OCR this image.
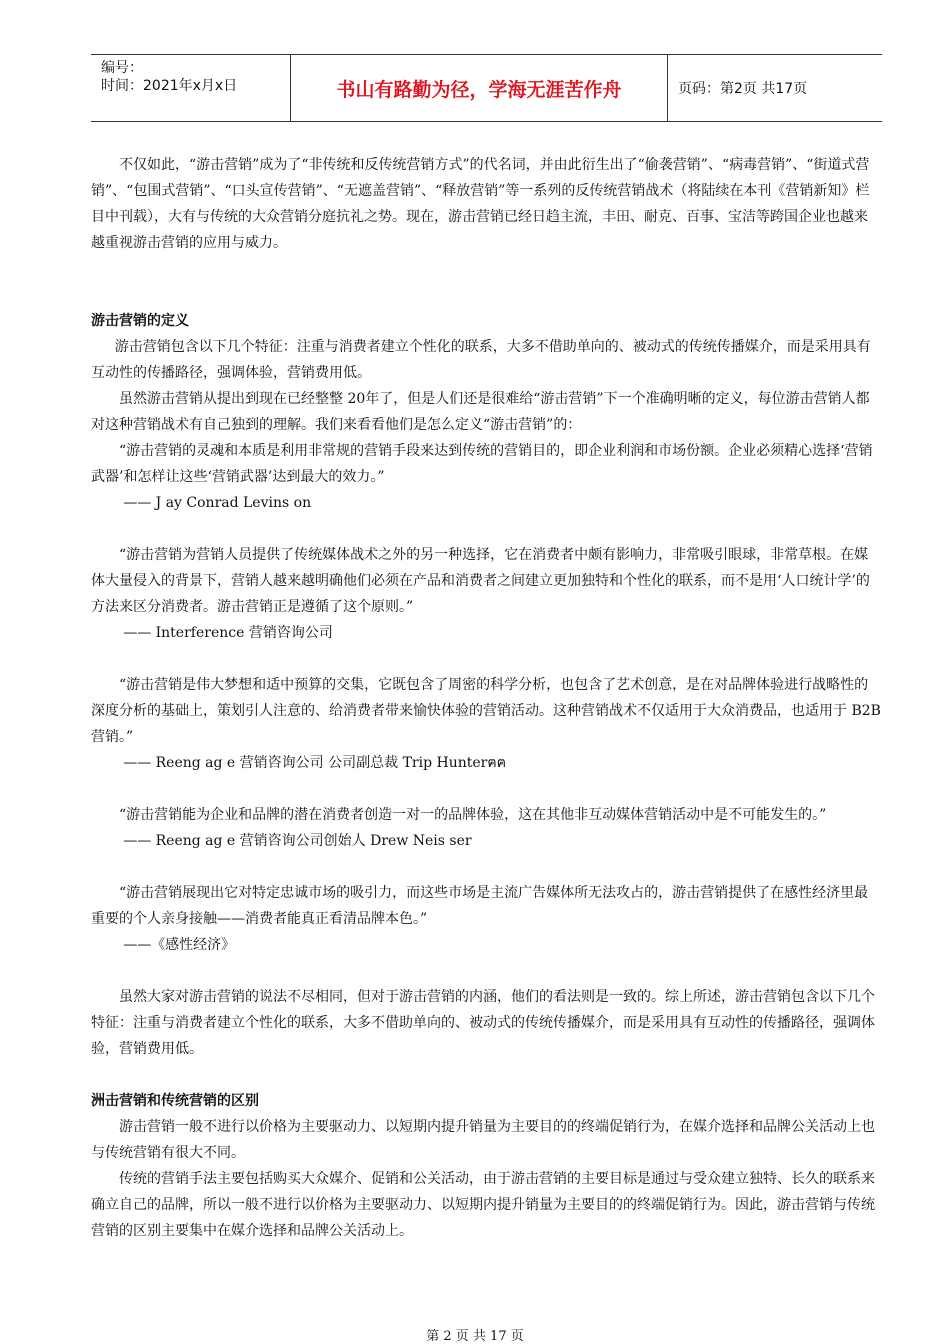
编号：
时间：2021年x月x日	书山有路勤为径，学海无涯苦作舟	页码：第2页 共17页

不仅如此，“游击营销”成为了“非传统和反传统营销方式”的代名词，并由此衍生出了“偷袭营销”、“病毒营销”、“街道式营销”、“包围式营销”、“口头宣传营销”、“无遮盖营销”、“释放营销”等一系列的反传统营销战术（将陆续在本刊《营销新知》栏目中刊载），大有与传统的大众营销分庭抗礼之势。现在，游击营销已经日趋主流，丰田、耐克、百事、宝洁等跨国企业也越来越重视游击营销的应用与威力。

游击营销的定义

游击营销包含以下几个特征：注重与消费者建立个性化的联系，大多不借助单向的、被动式的传统传播媒介，而是采用具有互动性的传播路径，强调体验，营销费用低。

虽然游击营销从提出到现在已经整整 20年了，但是人们还是很难给“游击营销”下一个准确明晰的定义，每位游击营销人都对这种营销战术有自己独到的理解。我们来看看他们是怎么定义“游击营销”的：

“游击营销的灵魂和本质是利用非常规的营销手段来达到传统的营销目的，即企业利润和市场份额。企业必须精心选择‘营销武器’和怎样让这些‘营销武器’达到最大的效力。”

—— J ay Conrad Levins on

“游击营销为营销人员提供了传统媒体战术之外的另一种选择，它在消费者中颇有影响力，非常吸引眼球，非常草根。在媒体大量侵入的背景下，营销人越来越明确他们必须在产品和消费者之间建立更加独特和个性化的联系，而不是用‘人口统计学’的方法来区分消费者。游击营销正是遵循了这个原则。”

—— Interference 营销咨询公司

“游击营销是伟大梦想和适中预算的交集，它既包含了周密的科学分析，也包含了艺术创意，是在对品牌体验进行战略性的深度分析的基础上，策划引人注意的、给消费者带来愉快体验的营销活动。这种营销战术不仅适用于大众消费品，也适用于 B2B 营销。”

—— Reeng ag e 营销咨询公司 公司副总裁 Trip Hunterฅฅ

“游击营销能为企业和品牌的潜在消费者创造一对一的品牌体验，这在其他非互动媒体营销活动中是不可能发生的。”

—— Reeng ag e 营销咨询公司创始人 Drew Neis ser

“游击营销展现出它对特定忠诚市场的吸引力，而这些市场是主流广告媒体所无法攻占的，游击营销提供了在感性经济里最重要的个人亲身接触——消费者能真正看清品牌本色。”

——《感性经济》

虽然大家对游击营销的说法不尽相同，但对于游击营销的内涵，他们的看法则是一致的。综上所述，游击营销包含以下几个特征：注重与消费者建立个性化的联系，大多不借助单向的、被动式的传统传播媒介，而是采用具有互动性的传播路径，强调体验，营销费用低。

洲击营销和传统营销的区别

游击营销一般不进行以价格为主要驱动力、以短期内提升销量为主要目的的终端促销行为，在媒介选择和品牌公关活动上也与传统营销有很大不同。

传统的营销手法主要包括购买大众媒介、促销和公关活动，由于游击营销的主要目标是通过与受众建立独特、长久的联系来确立自己的品牌，所以一般不进行以价格为主要驱动力、以短期内提升销量为主要目的的终端促销行为。因此，游击营销与传统营销的区别主要集中在媒介选择和品牌公关活动上。

第 2 页 共 17 页
